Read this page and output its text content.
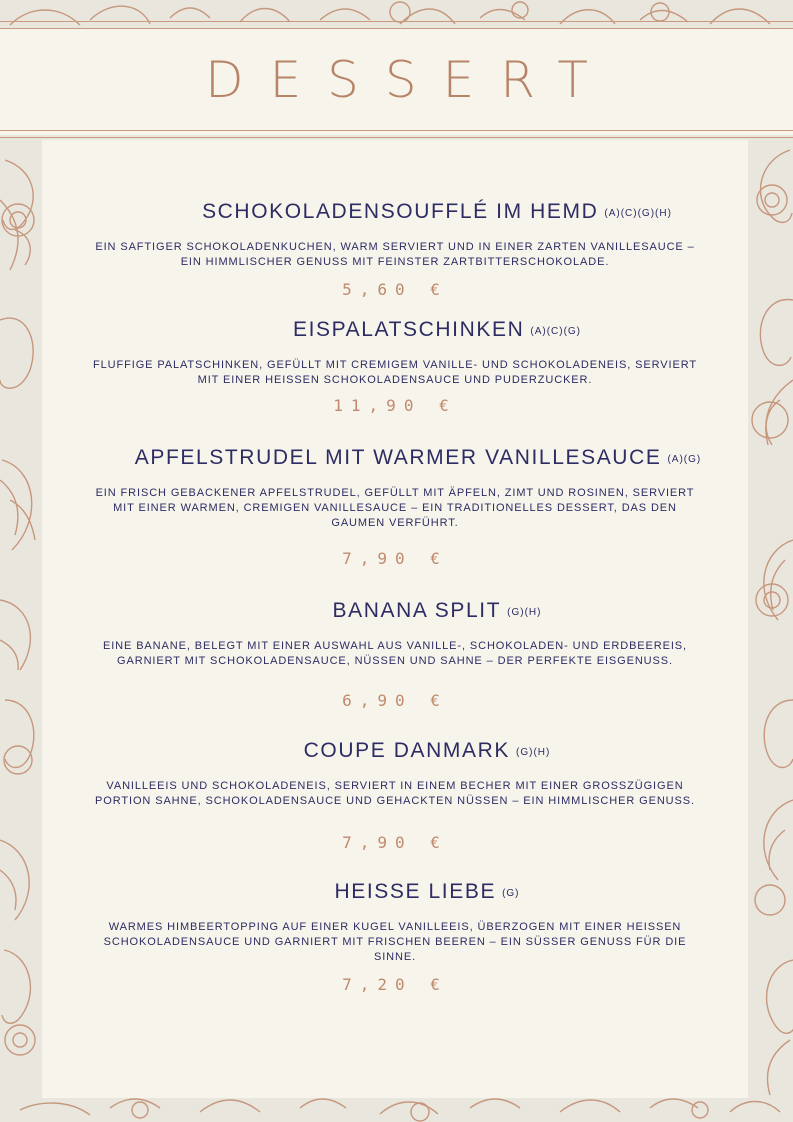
DESSERT
SCHOKOLADENSOUFFLÉ IM HEMD (A)(C)(G)(H)
EIN SAFTIGER SCHOKOLADENKUCHEN, WARM SERVIERT UND IN EINER ZARTEN VANILLESAUCE – EIN HIMMLISCHER GENUSS MIT FEINSTER ZARTBITTERSCHOKOLADE.
5,60 €
EISPALATSCHINKEN (A)(C)(G)
FLUFFIGE PALATSCHINKEN, GEFÜLLT MIT CREMIGEM VANILLE- UND SCHOKOLADENEIS, SERVIERT MIT EINER HEISSEN SCHOKOLADENSAUCE UND PUDERZUCKER.
11,90 €
APFELSTRUDEL MIT WARMER VANILLESAUCE (A)(G)
EIN FRISCH GEBACKENER APFELSTRUDEL, GEFÜLLT MIT ÄPFELN, ZIMT UND ROSINEN, SERVIERT MIT EINER WARMEN, CREMIGEN VANILLESAUCE – EIN TRADITIONELLES DESSERT, DAS DEN GAUMEN VERFÜHRT.
7,90 €
BANANA SPLIT (G)(H)
EINE BANANE, BELEGT MIT EINER AUSWAHL AUS VANILLE-, SCHOKOLADEN- UND ERDBEEREIS, GARNIERT MIT SCHOKOLADENSAUCE, NÜSSEN UND SAHNE – DER PERFEKTE EISGENUSS.
6,90 €
COUPE DANMARK (G)(H)
VANILLEEIS UND SCHOKOLADENEIS, SERVIERT IN EINEM BECHER MIT EINER GROSSZÜGIGEN PORTION SAHNE, SCHOKOLADENSAUCE UND GEHACKTEN NÜSSEN – EIN HIMMLISCHER GENUSS.
7,90 €
HEISSE LIEBE (G)
WARMES HIMBEERTOPPING AUF EINER KUGEL VANILLEEIS, ÜBERZOGEN MIT EINER HEISSEN SCHOKOLADENSAUCE UND GARNIERT MIT FRISCHEN BEEREN – EIN SÜSSER GENUSS FÜR DIE SINNE.
7,20 €
